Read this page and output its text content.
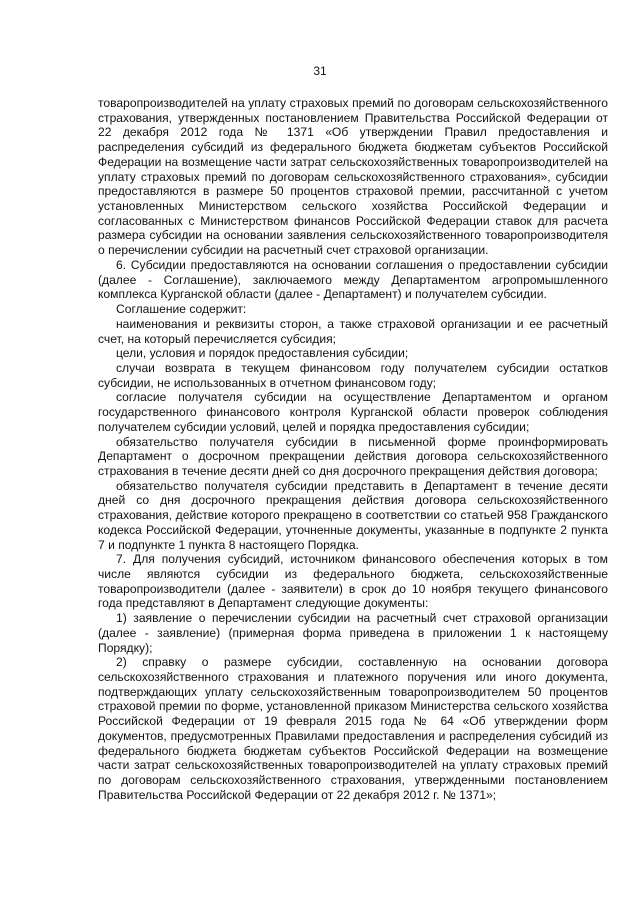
31

товаропроизводителей на уплату страховых премий по договорам сельскохозяйственного страхования, утвержденных постановлением Правительства Российской Федерации от 22 декабря 2012 года № 1371 «Об утверждении Правил предоставления и распределения субсидий из федерального бюджета бюджетам субъектов Российской Федерации на возмещение части затрат сельскохозяйственных товаропроизводителей на уплату страховых премий по договорам сельскохозяйственного страхования», субсидии предоставляются в размере 50 процентов страховой премии, рассчитанной с учетом установленных Министерством сельского хозяйства Российской Федерации и согласованных с Министерством финансов Российской Федерации ставок для расчета размера субсидии на основании заявления сельскохозяйственного товаропроизводителя о перечислении субсидии на расчетный счет страховой организации.

6. Субсидии предоставляются на основании соглашения о предоставлении субсидии (далее - Соглашение), заключаемого между Департаментом агропромышленного комплекса Курганской области (далее - Департамент) и получателем субсидии.

Соглашение содержит:

наименования и реквизиты сторон, а также страховой организации и ее расчетный счет, на который перечисляется субсидия;

цели, условия и порядок предоставления субсидии;

случаи возврата в текущем финансовом году получателем субсидии остатков субсидии, не использованных в отчетном финансовом году;

согласие получателя субсидии на осуществление Департаментом и органом государственного финансового контроля Курганской области проверок соблюдения получателем субсидии условий, целей и порядка предоставления субсидии;

обязательство получателя субсидии в письменной форме проинформировать Департамент о досрочном прекращении действия договора сельскохозяйственного страхования в течение десяти дней со дня досрочного прекращения действия договора;

обязательство получателя субсидии представить в Департамент в течение десяти дней со дня досрочного прекращения действия договора сельскохозяйственного страхования, действие которого прекращено в соответствии со статьей 958 Гражданского кодекса Российской Федерации, уточненные документы, указанные в подпункте 2 пункта 7 и подпункте 1 пункта 8 настоящего Порядка.

7. Для получения субсидий, источником финансового обеспечения которых в том числе являются субсидии из федерального бюджета, сельскохозяйственные товаропроизводители (далее - заявители) в срок до 10 ноября текущего финансового года представляют в Департамент следующие документы:

1) заявление о перечислении субсидии на расчетный счет страховой организации (далее - заявление) (примерная форма приведена в приложении 1 к настоящему Порядку);

2) справку о размере субсидии, составленную на основании договора сельскохозяйственного страхования и платежного поручения или иного документа, подтверждающих уплату сельскохозяйственным товаропроизводителем 50 процентов страховой премии по форме, установленной приказом Министерства сельского хозяйства Российской Федерации от 19 февраля 2015 года № 64 «Об утверждении форм документов, предусмотренных Правилами предоставления и распределения субсидий из федерального бюджета бюджетам субъектов Российской Федерации на возмещение части затрат сельскохозяйственных товаропроизводителей на уплату страховых премий по договорам сельскохозяйственного страхования, утвержденными постановлением Правительства Российской Федерации от 22 декабря 2012 г. № 1371»;
